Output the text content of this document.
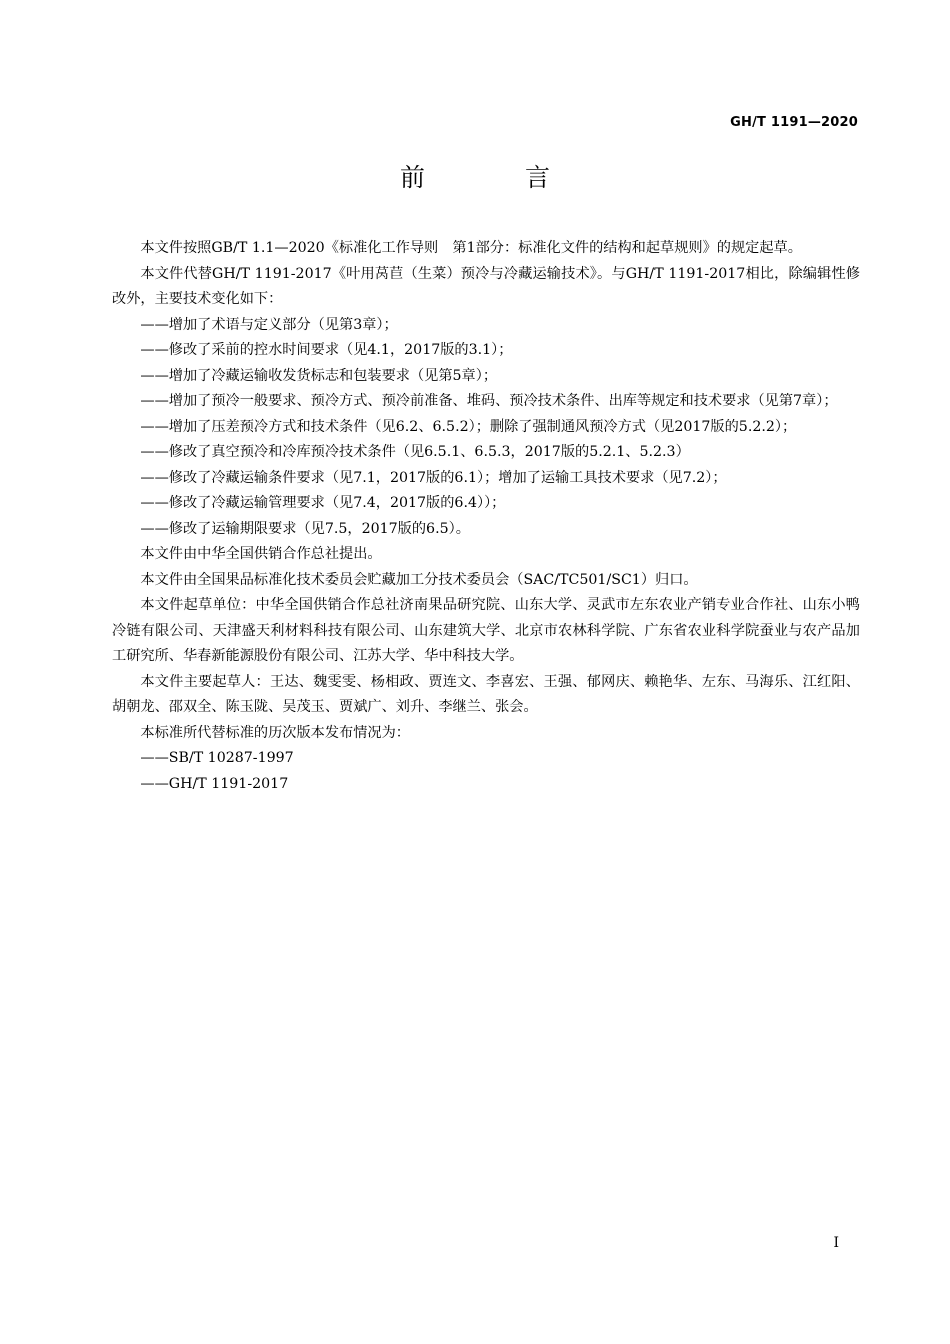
GH/T 1191—2020
前 言

本文件按照GB/T 1.1—2020《标准化工作导则　第1部分：标准化文件的结构和起草规则》的规定起草。

本文件代替GH/T 1191-2017《叶用莴苣（生菜）预冷与冷藏运输技术》。与GH/T 1191-2017相比，除编辑性修改外，主要技术变化如下：

——增加了术语与定义部分（见第3章）；

——修改了采前的控水时间要求（见4.1，2017版的3.1）；

——增加了冷藏运输收发货标志和包装要求（见第5章）；

——增加了预冷一般要求、预冷方式、预冷前准备、堆码、预冷技术条件、出库等规定和技术要求（见第7章）；

——增加了压差预冷方式和技术条件（见6.2、6.5.2）；删除了强制通风预冷方式（见2017版的5.2.2）；

——修改了真空预冷和冷库预冷技术条件（见6.5.1、6.5.3，2017版的5.2.1、5.2.3）

——修改了冷藏运输条件要求（见7.1，2017版的6.1）；增加了运输工具技术要求（见7.2）；

——修改了冷藏运输管理要求（见7.4，2017版的6.4））；

——修改了运输期限要求（见7.5，2017版的6.5）。

本文件由中华全国供销合作总社提出。

本文件由全国果品标准化技术委员会贮藏加工分技术委员会（SAC/TC501/SC1）归口。

本文件起草单位：中华全国供销合作总社济南果品研究院、山东大学、灵武市左东农业产销专业合作社、山东小鸭冷链有限公司、天津盛天利材料科技有限公司、山东建筑大学、北京市农林科学院、广东省农业科学院蚕业与农产品加工研究所、华春新能源股份有限公司、江苏大学、华中科技大学。

本文件主要起草人：王达、魏雯雯、杨相政、贾连文、李喜宏、王强、郁网庆、赖艳华、左东、马海乐、江红阳、胡朝龙、邵双全、陈玉陇、吴茂玉、贾斌广、刘升、李继兰、张会。

本标准所代替标准的历次版本发布情况为：

——SB/T 10287-1997

——GH/T 1191-2017

I
